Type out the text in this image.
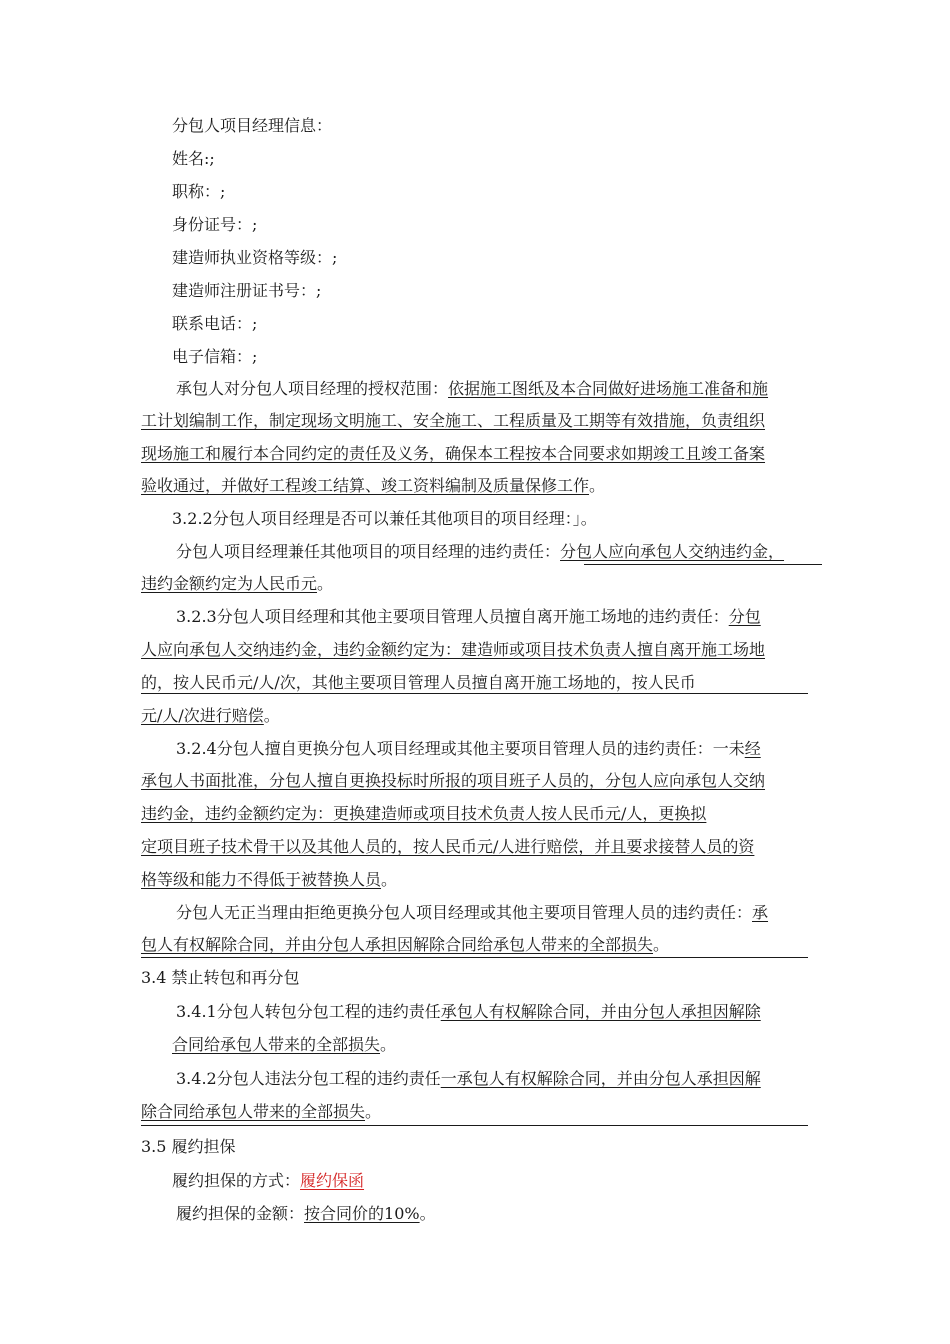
分包人项目经理信息：
姓名:;
职称：;
身份证号：;
建造师执业资格等级：;
建造师注册证书号：;
联系电话：;
电子信箱：;
承包人对分包人项目经理的授权范围：依据施工图纸及本合同做好进场施工准备和施
工计划编制工作，制定现场文明施工、安全施工、工程质量及工期等有效措施，负责组织
现场施工和履行本合同约定的责任及义务，确保本工程按本合同要求如期竣工且竣工备案
验收通过，并做好工程竣工结算、竣工资料编制及质量保修工作。
3.2.2分包人项目经理是否可以兼任其他项目的项目经理：」。
分包人项目经理兼任其他项目的项目经理的违约责任：分包人应向承包人交纳违约金，
违约金额约定为人民币元。
3.2.3分包人项目经理和其他主要项目管理人员擅自离开施工场地的违约责任：分包
人应向承包人交纳违约金，违约金额约定为：建造师或项目技术负责人擅自离开施工场地
的，按人民币元/人/次，其他主要项目管理人员擅自离开施工场地的，按人民币
元/人/次进行赔偿。
3.2.4分包人擅自更换分包人项目经理或其他主要项目管理人员的违约责任：一未经
承包人书面批准，分包人擅自更换投标时所报的项目班子人员的，分包人应向承包人交纳
违约金，违约金额约定为：更换建造师或项目技术负责人按人民币元/人，更换拟
定项目班子技术骨干以及其他人员的，按人民币元/人进行赔偿，并且要求接替人员的资
格等级和能力不得低于被替换人员。
分包人无正当理由拒绝更换分包人项目经理或其他主要项目管理人员的违约责任：承
包人有权解除合同，并由分包人承担因解除合同给承包人带来的全部损失。
3.4 禁止转包和再分包
3.4.1分包人转包分包工程的违约责任承包人有权解除合同，并由分包人承担因解除
合同给承包人带来的全部损失。
3.4.2分包人违法分包工程的违约责任一承包人有权解除合同，并由分包人承担因解
除合同给承包人带来的全部损失。
3.5 履约担保
履约担保的方式：履约保函
履约担保的金额：按合同价的10%。
